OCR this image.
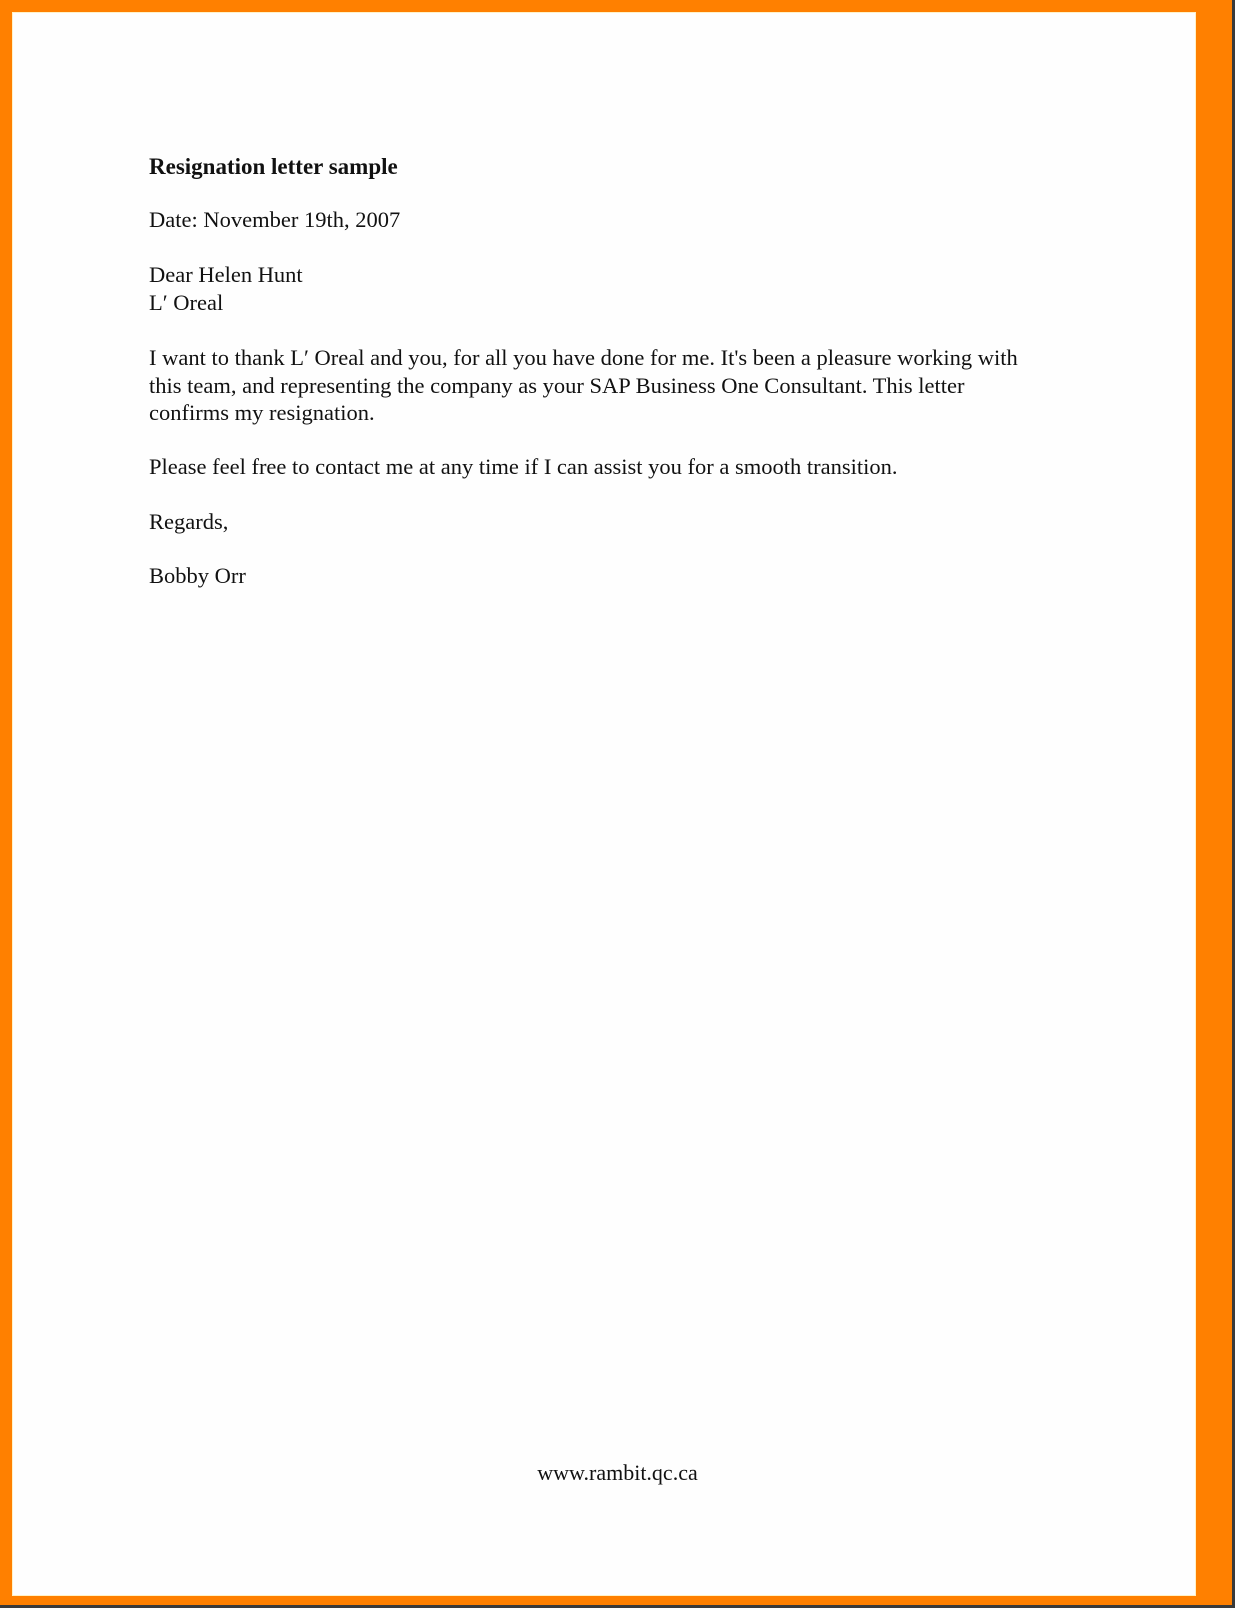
Resignation letter sample
Date: November 19th, 2007
Dear Helen Hunt
L′ Oreal
I want to thank L′ Oreal and you, for all you have done for me. It's been a pleasure working with
this team, and representing the company as your SAP Business One Consultant. This letter
confirms my resignation.
Please feel free to contact me at any time if I can assist you for a smooth transition.
Regards,
Bobby Orr
www.rambit.qc.ca
